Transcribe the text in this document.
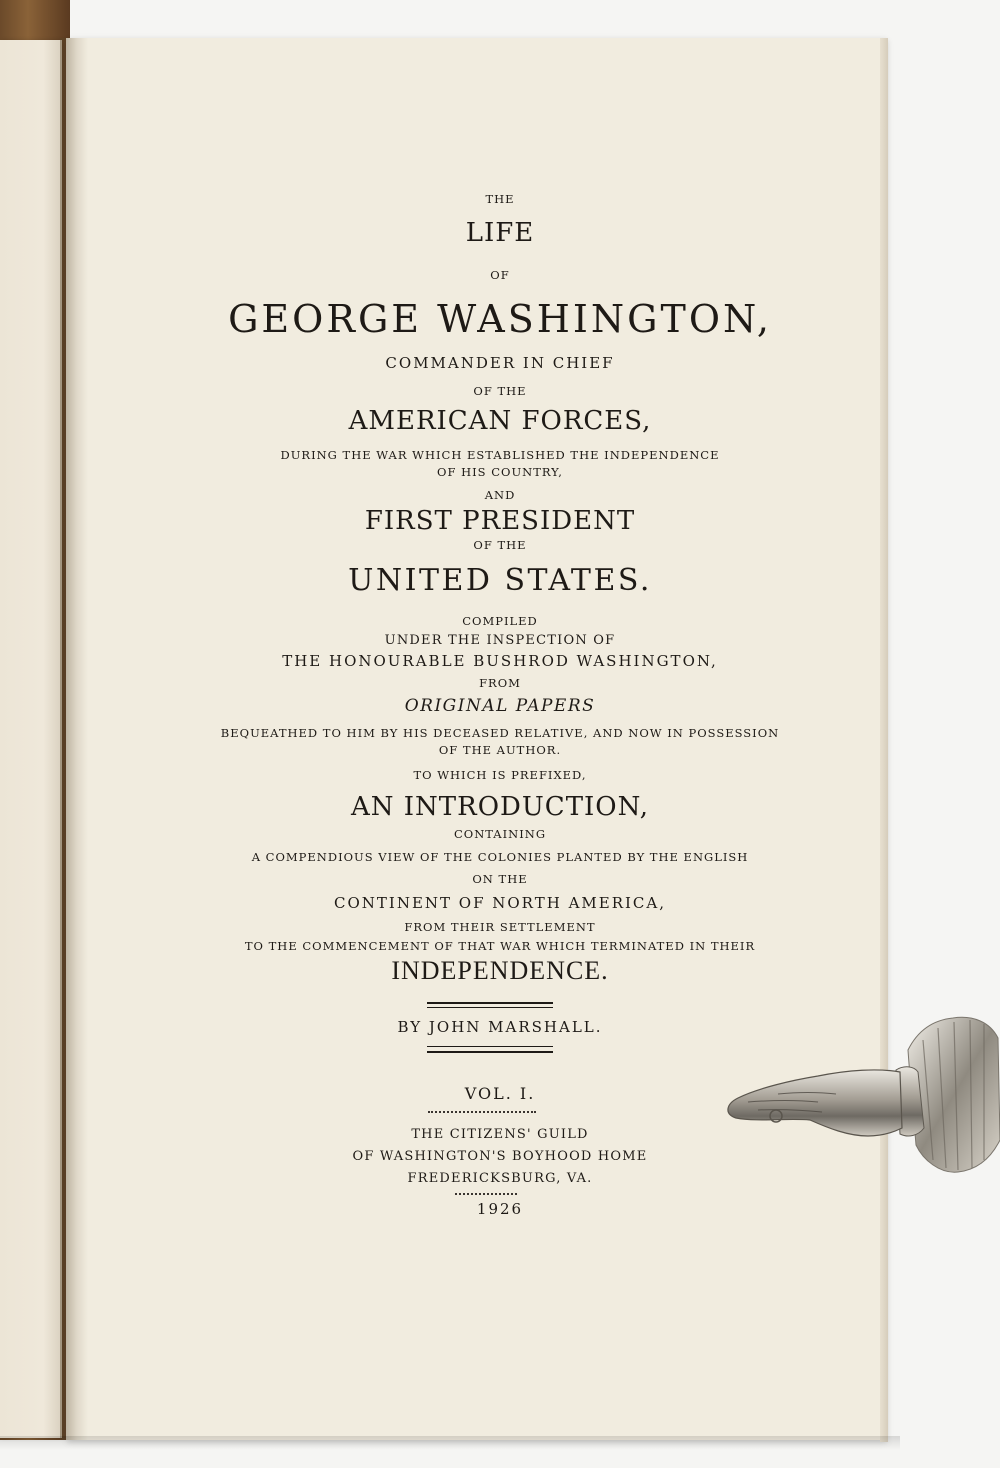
THE
LIFE
OF
GEORGE WASHINGTON,
COMMANDER IN CHIEF
OF THE
AMERICAN FORCES,
DURING THE WAR WHICH ESTABLISHED THE INDEPENDENCE
OF HIS COUNTRY,
AND
FIRST PRESIDENT
OF THE
UNITED STATES.
COMPILED
UNDER THE INSPECTION OF
THE HONOURABLE BUSHROD WASHINGTON,
FROM
ORIGINAL PAPERS
BEQUEATHED TO HIM BY HIS DECEASED RELATIVE, AND NOW IN POSSESSION
OF THE AUTHOR.
TO WHICH IS PREFIXED,
AN INTRODUCTION,
CONTAINING
A COMPENDIOUS VIEW OF THE COLONIES PLANTED BY THE ENGLISH
ON THE
CONTINENT OF NORTH AMERICA,
FROM THEIR SETTLEMENT
TO THE COMMENCEMENT OF THAT WAR WHICH TERMINATED IN THEIR
INDEPENDENCE.
BY JOHN MARSHALL.
VOL. I.
THE CITIZENS' GUILD
OF WASHINGTON'S BOYHOOD HOME
FREDERICKSBURG, VA.
1926
